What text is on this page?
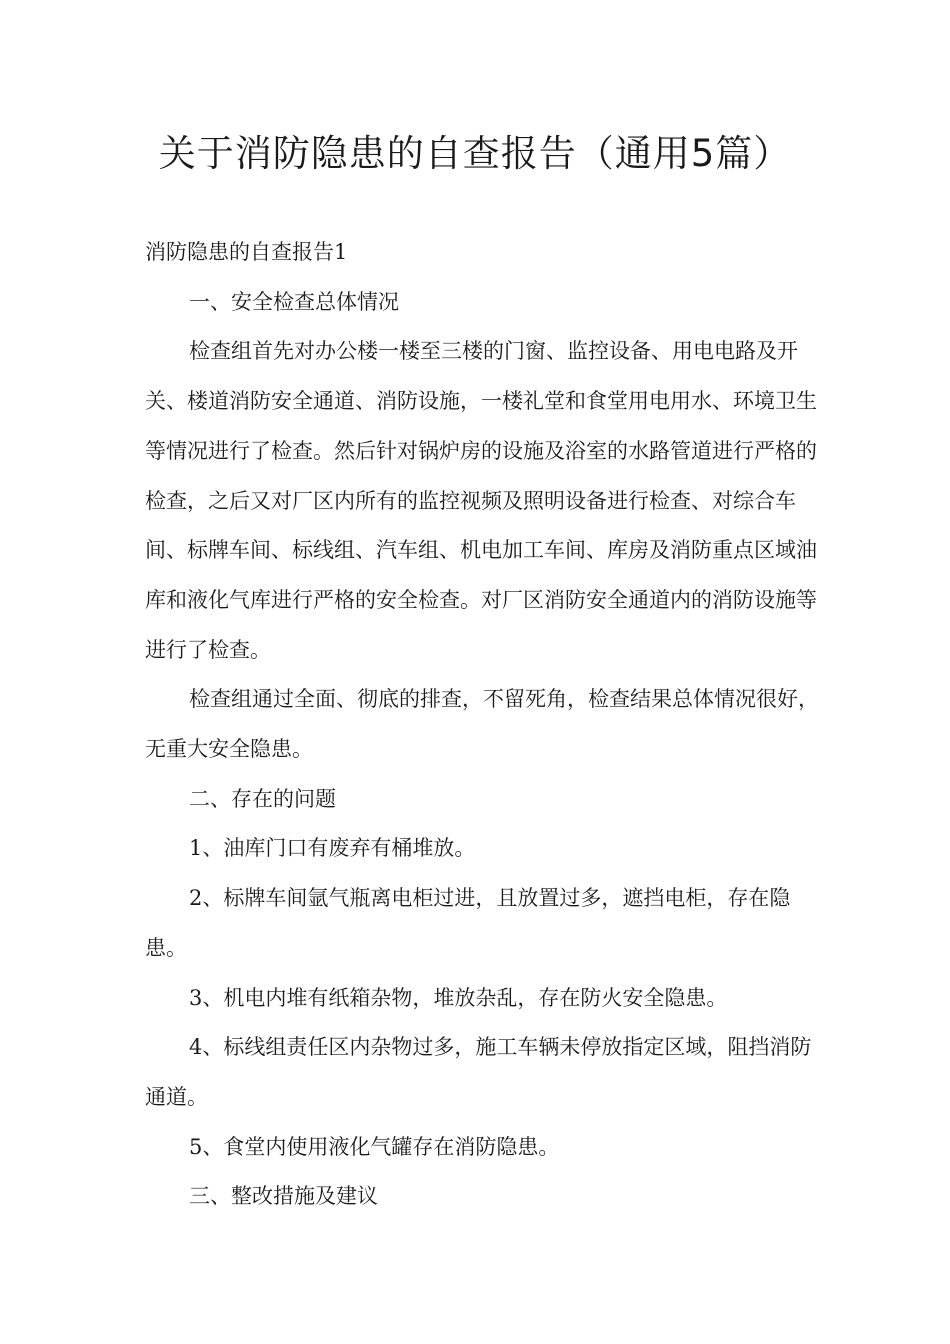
关于消防隐患的自查报告（通用5篇）

消防隐患的自查报告1

一、安全检查总体情况

检查组首先对办公楼一楼至三楼的门窗、监控设备、用电电路及开关、楼道消防安全通道、消防设施，一楼礼堂和食堂用电用水、环境卫生等情况进行了检查。然后针对锅炉房的设施及浴室的水路管道进行严格的检查，之后又对厂区内所有的监控视频及照明设备进行检查、对综合车间、标牌车间、标线组、汽车组、机电加工车间、库房及消防重点区域油库和液化气库进行严格的安全检查。对厂区消防安全通道内的消防设施等进行了检查。

检查组通过全面、彻底的排查，不留死角，检查结果总体情况很好，无重大安全隐患。

二、存在的问题

1、油库门口有废弃有桶堆放。

2、标牌车间氩气瓶离电柜过进，且放置过多，遮挡电柜，存在隐患。

3、机电内堆有纸箱杂物，堆放杂乱，存在防火安全隐患。

4、标线组责任区内杂物过多，施工车辆未停放指定区域，阻挡消防通道。

5、食堂内使用液化气罐存在消防隐患。

三、整改措施及建议
